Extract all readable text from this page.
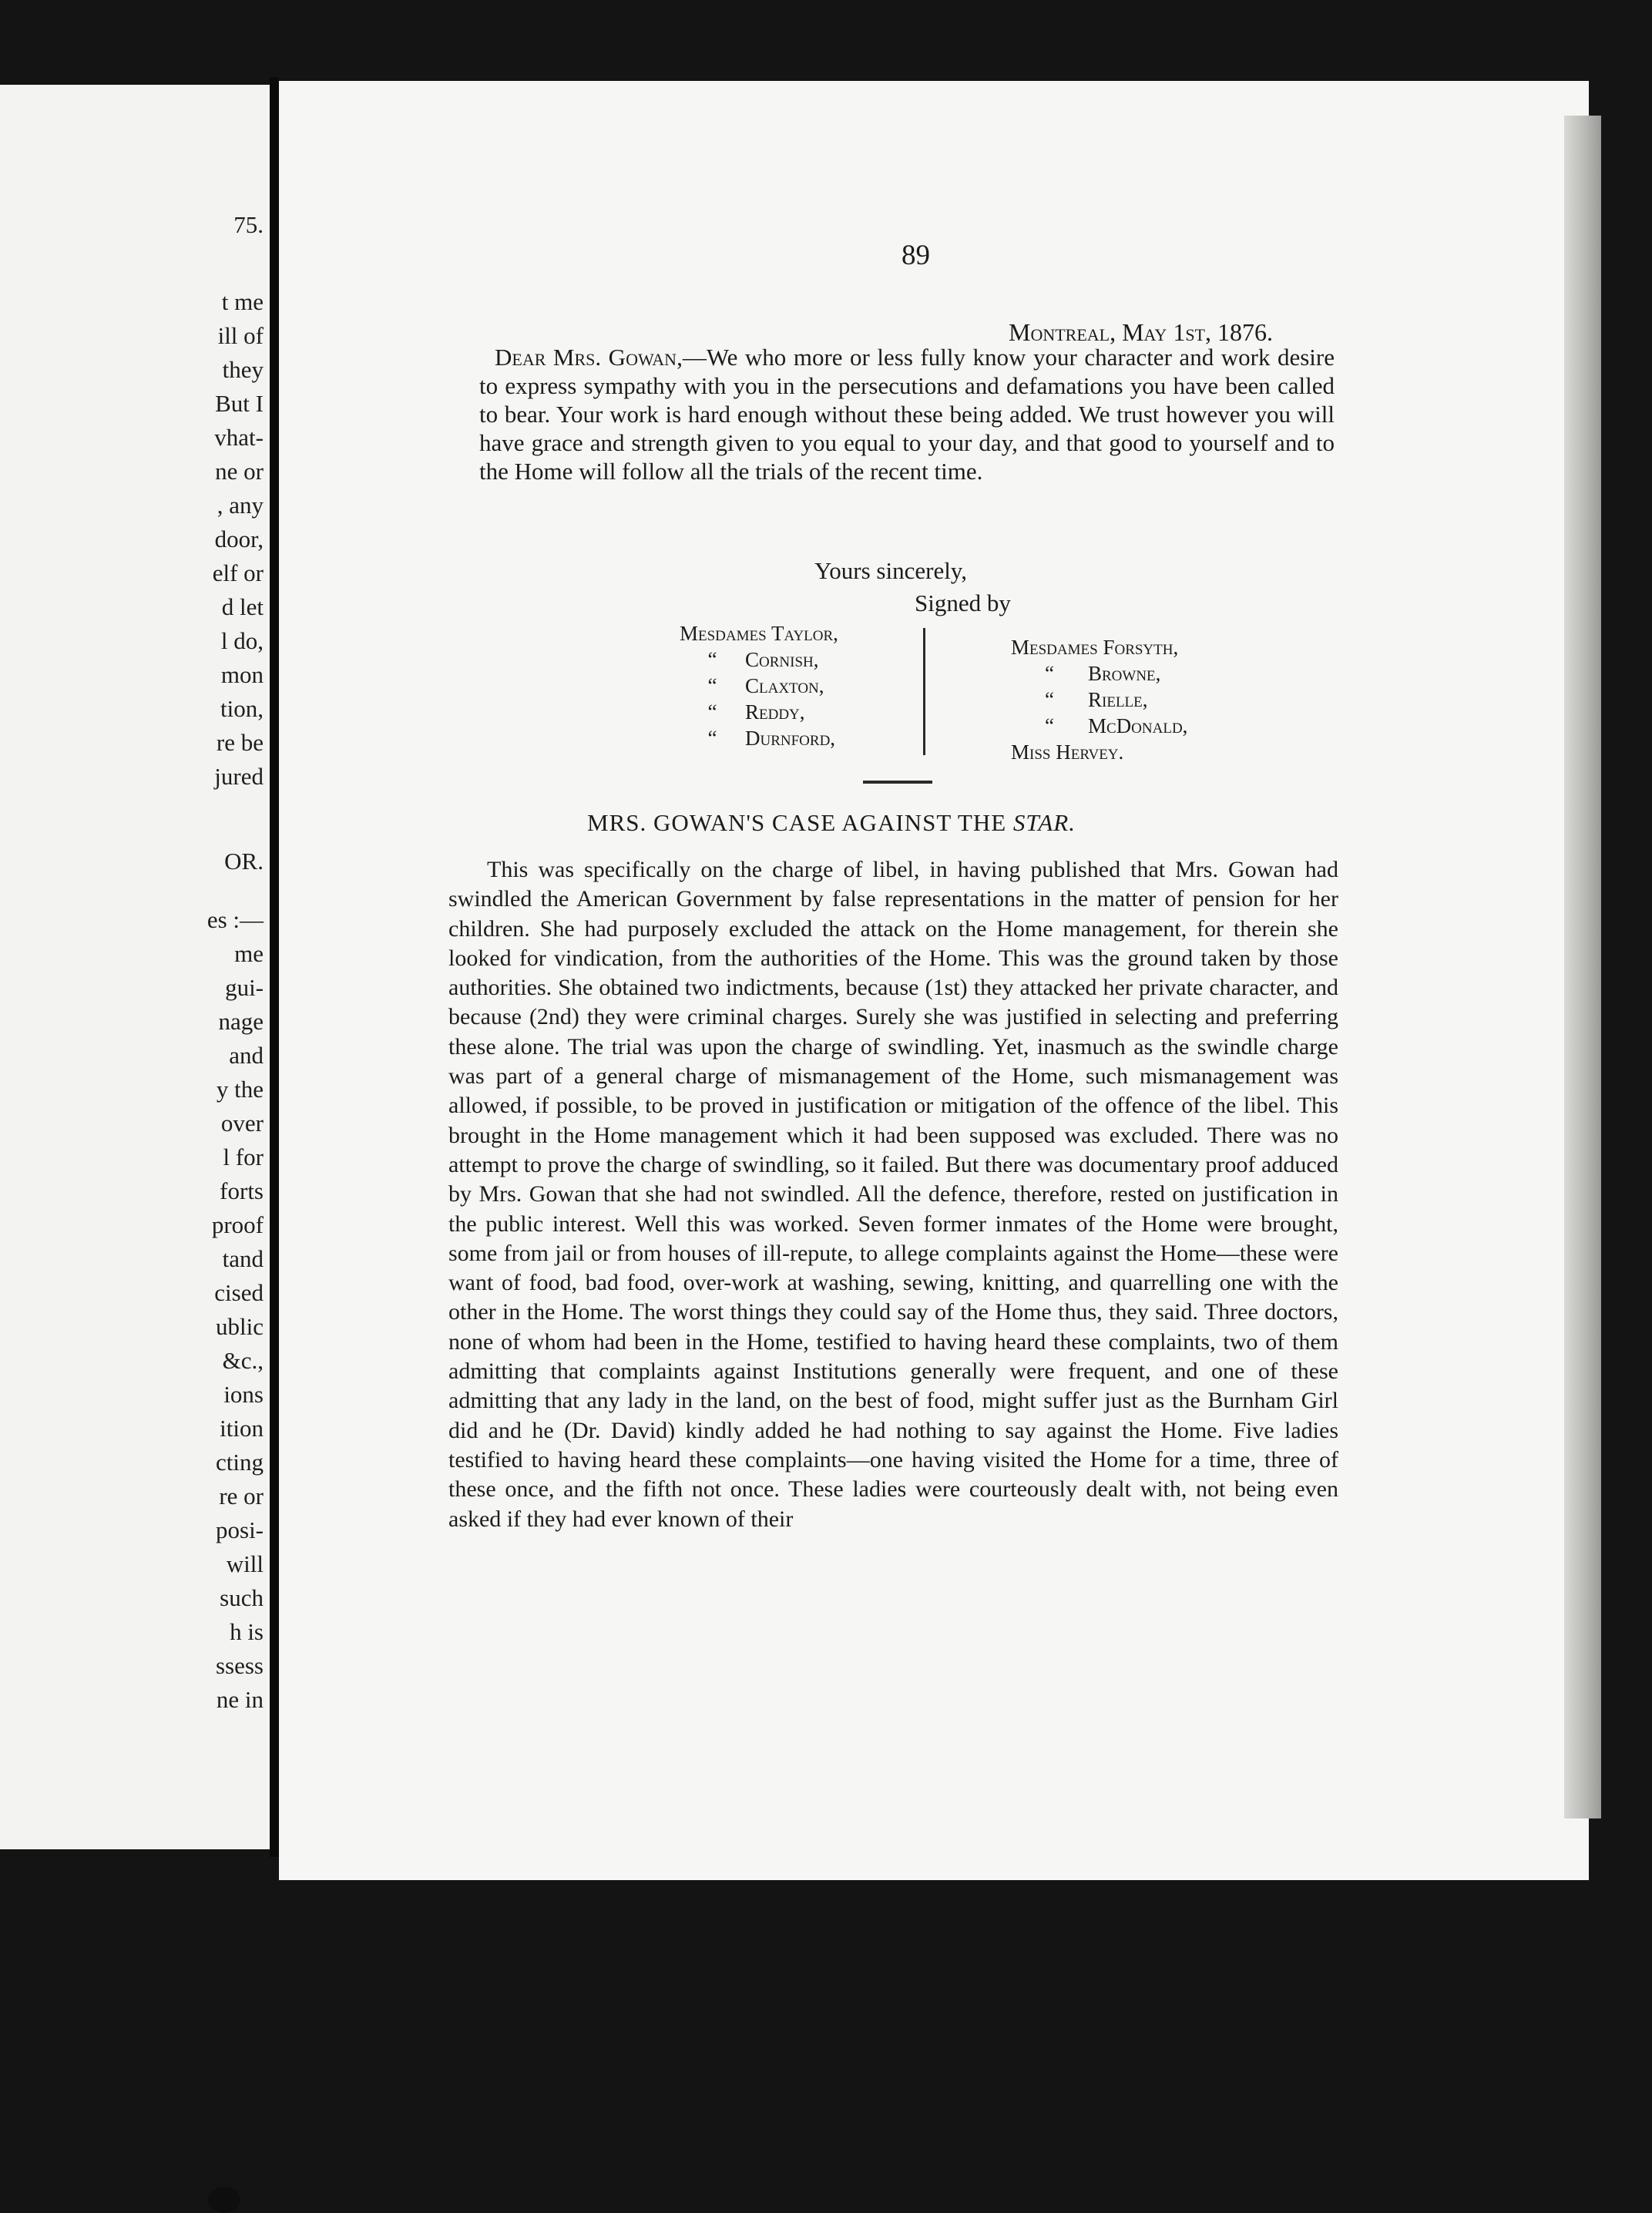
75.
t me
ill of
they
But I
vhat-
ne or
, any
door,
elf or
d let
l do,
mon
tion,
re be
jured
OR.
es :—
me
gui-
nage
and
y the
over
l for
forts
proof
tand
cised
ublic
&c.,
ions
ition
cting
re or
posi-
will
such
h is
ssess
ne in
89
Montreal, May 1st, 1876.
Dear Mrs. Gowan,—We who more or less fully know your character and work desire to express sympathy with you in the persecutions and defamations you have been called to bear. Your work is hard enough without these being added. We trust however you will have grace and strength given to you equal to your day, and that good to yourself and to the Home will follow all the trials of the recent time.
Yours sincerely,
Signed by
Mesdames Taylor,
“ Cornish,
“ Claxton,
“ Reddy,
“ Durnford,
Mesdames Forsyth,
“ Browne,
“ Rielle,
“ McDonald,
Miss Hervey.
MRS. GOWAN'S CASE AGAINST THE STAR.
This was specifically on the charge of libel, in having published that Mrs. Gowan had swindled the American Government by false representations in the matter of pension for her children. She had purposely excluded the attack on the Home management, for therein she looked for vindication, from the authorities of the Home. This was the ground taken by those authorities. She obtained two indictments, because (1st) they attacked her private character, and because (2nd) they were criminal charges. Surely she was justified in selecting and preferring these alone. The trial was upon the charge of swindling. Yet, inasmuch as the swindle charge was part of a general charge of mismanagement of the Home, such mismanagement was allowed, if possible, to be proved in justification or mitigation of the offence of the libel. This brought in the Home management which it had been supposed was excluded. There was no attempt to prove the charge of swindling, so it failed. But there was documentary proof adduced by Mrs. Gowan that she had not swindled. All the defence, therefore, rested on justification in the public interest. Well this was worked. Seven former inmates of the Home were brought, some from jail or from houses of ill-repute, to allege complaints against the Home—these were want of food, bad food, over-work at washing, sewing, knitting, and quarrelling one with the other in the Home. The worst things they could say of the Home thus, they said. Three doctors, none of whom had been in the Home, testified to having heard these complaints, two of them admitting that complaints against Institutions generally were frequent, and one of these admitting that any lady in the land, on the best of food, might suffer just as the Burnham Girl did and he (Dr. David) kindly added he had nothing to say against the Home. Five ladies testified to having heard these complaints—one having visited the Home for a time, three of these once, and the fifth not once. These ladies were courteously dealt with, not being even asked if they had ever known of their
